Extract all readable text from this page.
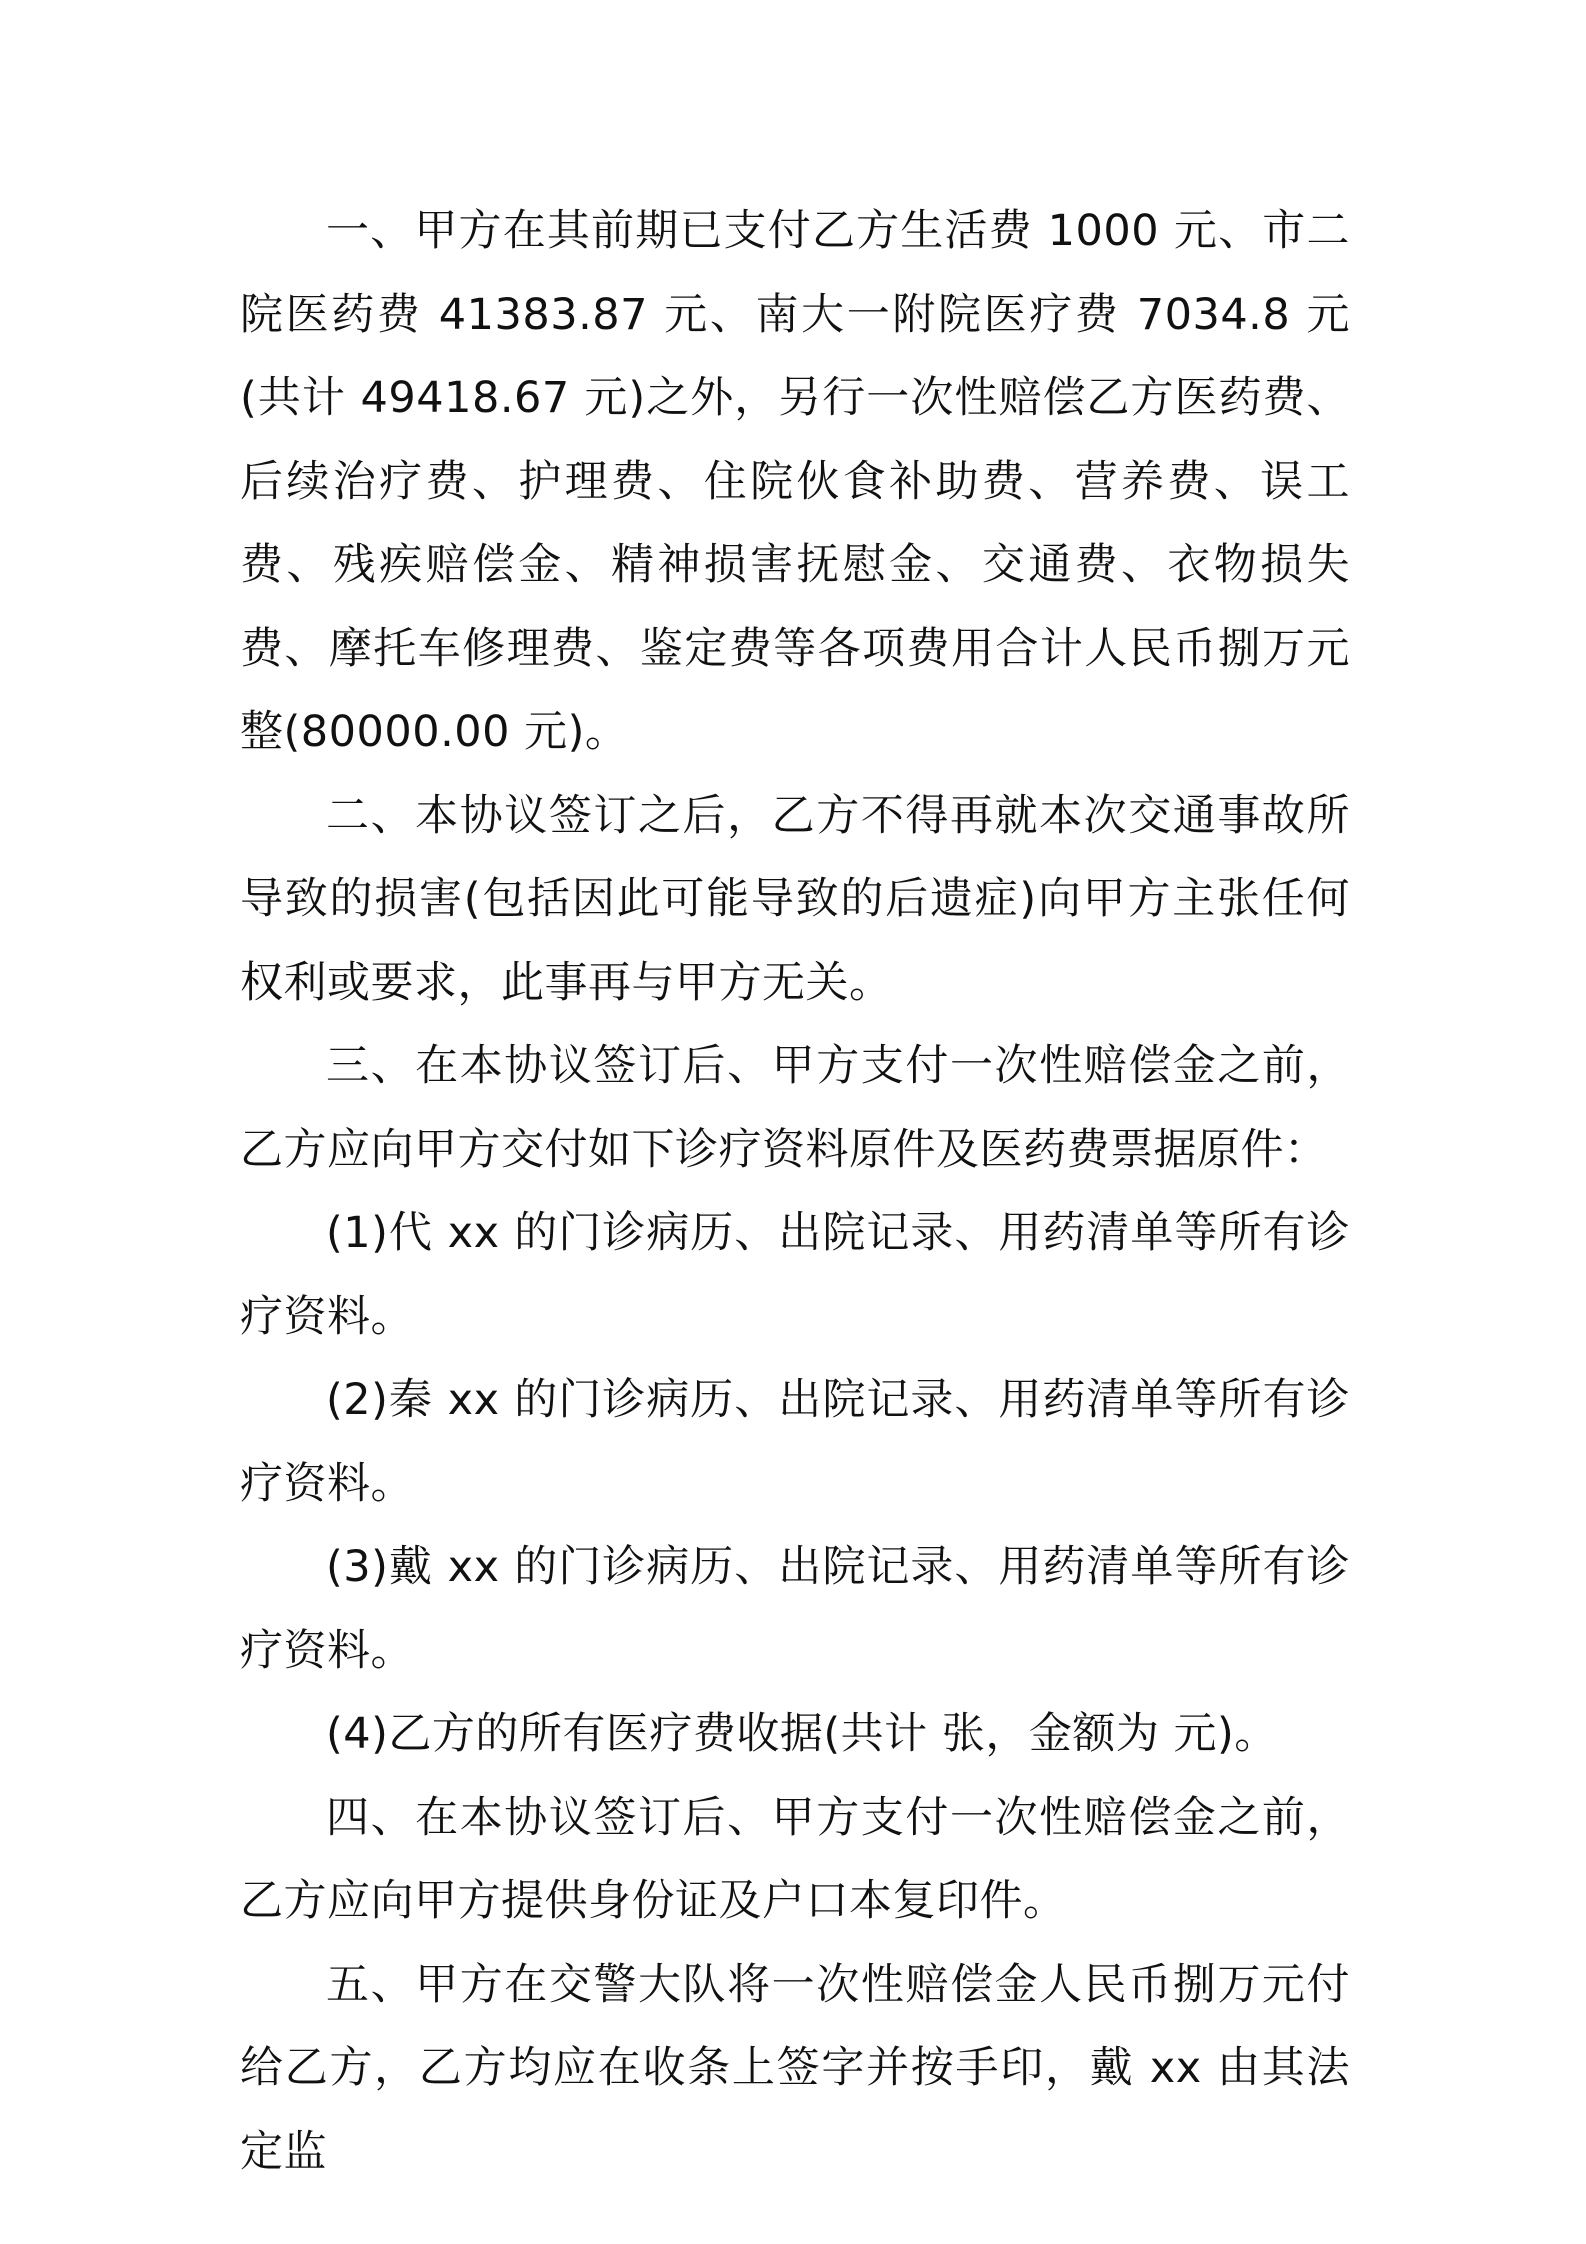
一、甲方在其前期已支付乙方生活费 1000 元、市二院医药费 41383.87 元、南大一附院医疗费 7034.8 元(共计 49418.67 元)之外，另行一次性赔偿乙方医药费、后续治疗费、护理费、住院伙食补助费、营养费、误工费、残疾赔偿金、精神损害抚慰金、交通费、衣物损失费、摩托车修理费、鉴定费等各项费用合计人民币捌万元整(80000.00 元)。

二、本协议签订之后，乙方不得再就本次交通事故所导致的损害(包括因此可能导致的后遗症)向甲方主张任何权利或要求，此事再与甲方无关。

三、在本协议签订后、甲方支付一次性赔偿金之前，乙方应向甲方交付如下诊疗资料原件及医药费票据原件：

(1)代 xx 的门诊病历、出院记录、用药清单等所有诊疗资料。

(2)秦 xx 的门诊病历、出院记录、用药清单等所有诊疗资料。

(3)戴 xx 的门诊病历、出院记录、用药清单等所有诊疗资料。

(4)乙方的所有医疗费收据(共计 张，金额为 元)。

四、在本协议签订后、甲方支付一次性赔偿金之前，乙方应向甲方提供身份证及户口本复印件。

五、甲方在交警大队将一次性赔偿金人民币捌万元付给乙方，乙方均应在收条上签字并按手印，戴 xx 由其法定监
